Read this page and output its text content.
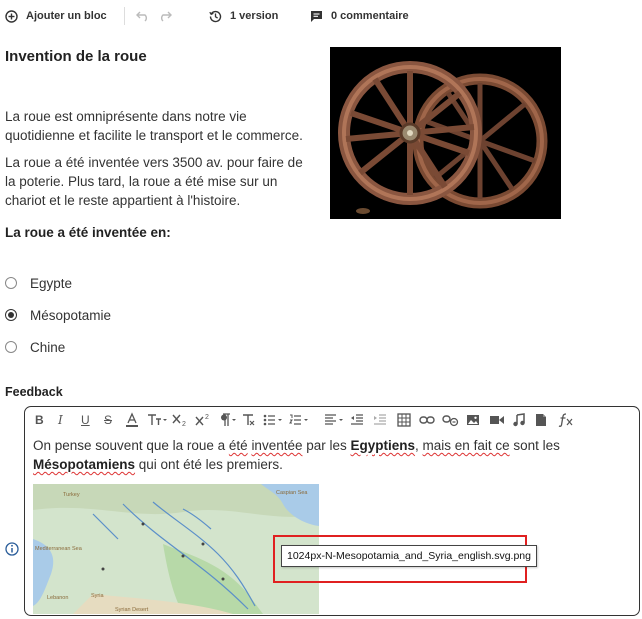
Ajouter un bloc	1 version	0 commentaire
Invention de la roue
La roue est omniprésente dans notre vie quotidienne et facilite le transport et le commerce.
La roue a été inventée vers 3500 av. pour faire de la poterie. Plus tard, la roue a été mise sur un chariot et le reste appartient à l'histoire.
La roue a été inventée en:
Egypte
Mésopotamie
Chine
Feedback
B I U S	2
2
On pense souvent que la roue a été inventée par les Egyptiens, mais en fait ce sont les Mésopotamiens qui ont été les premiers.
Turkey	Caspian Sea
Mediterranean Sea
Lebanon	Syria
Syrian Desert
1024px-N-Mesopotamia_and_Syria_english.svg.png
